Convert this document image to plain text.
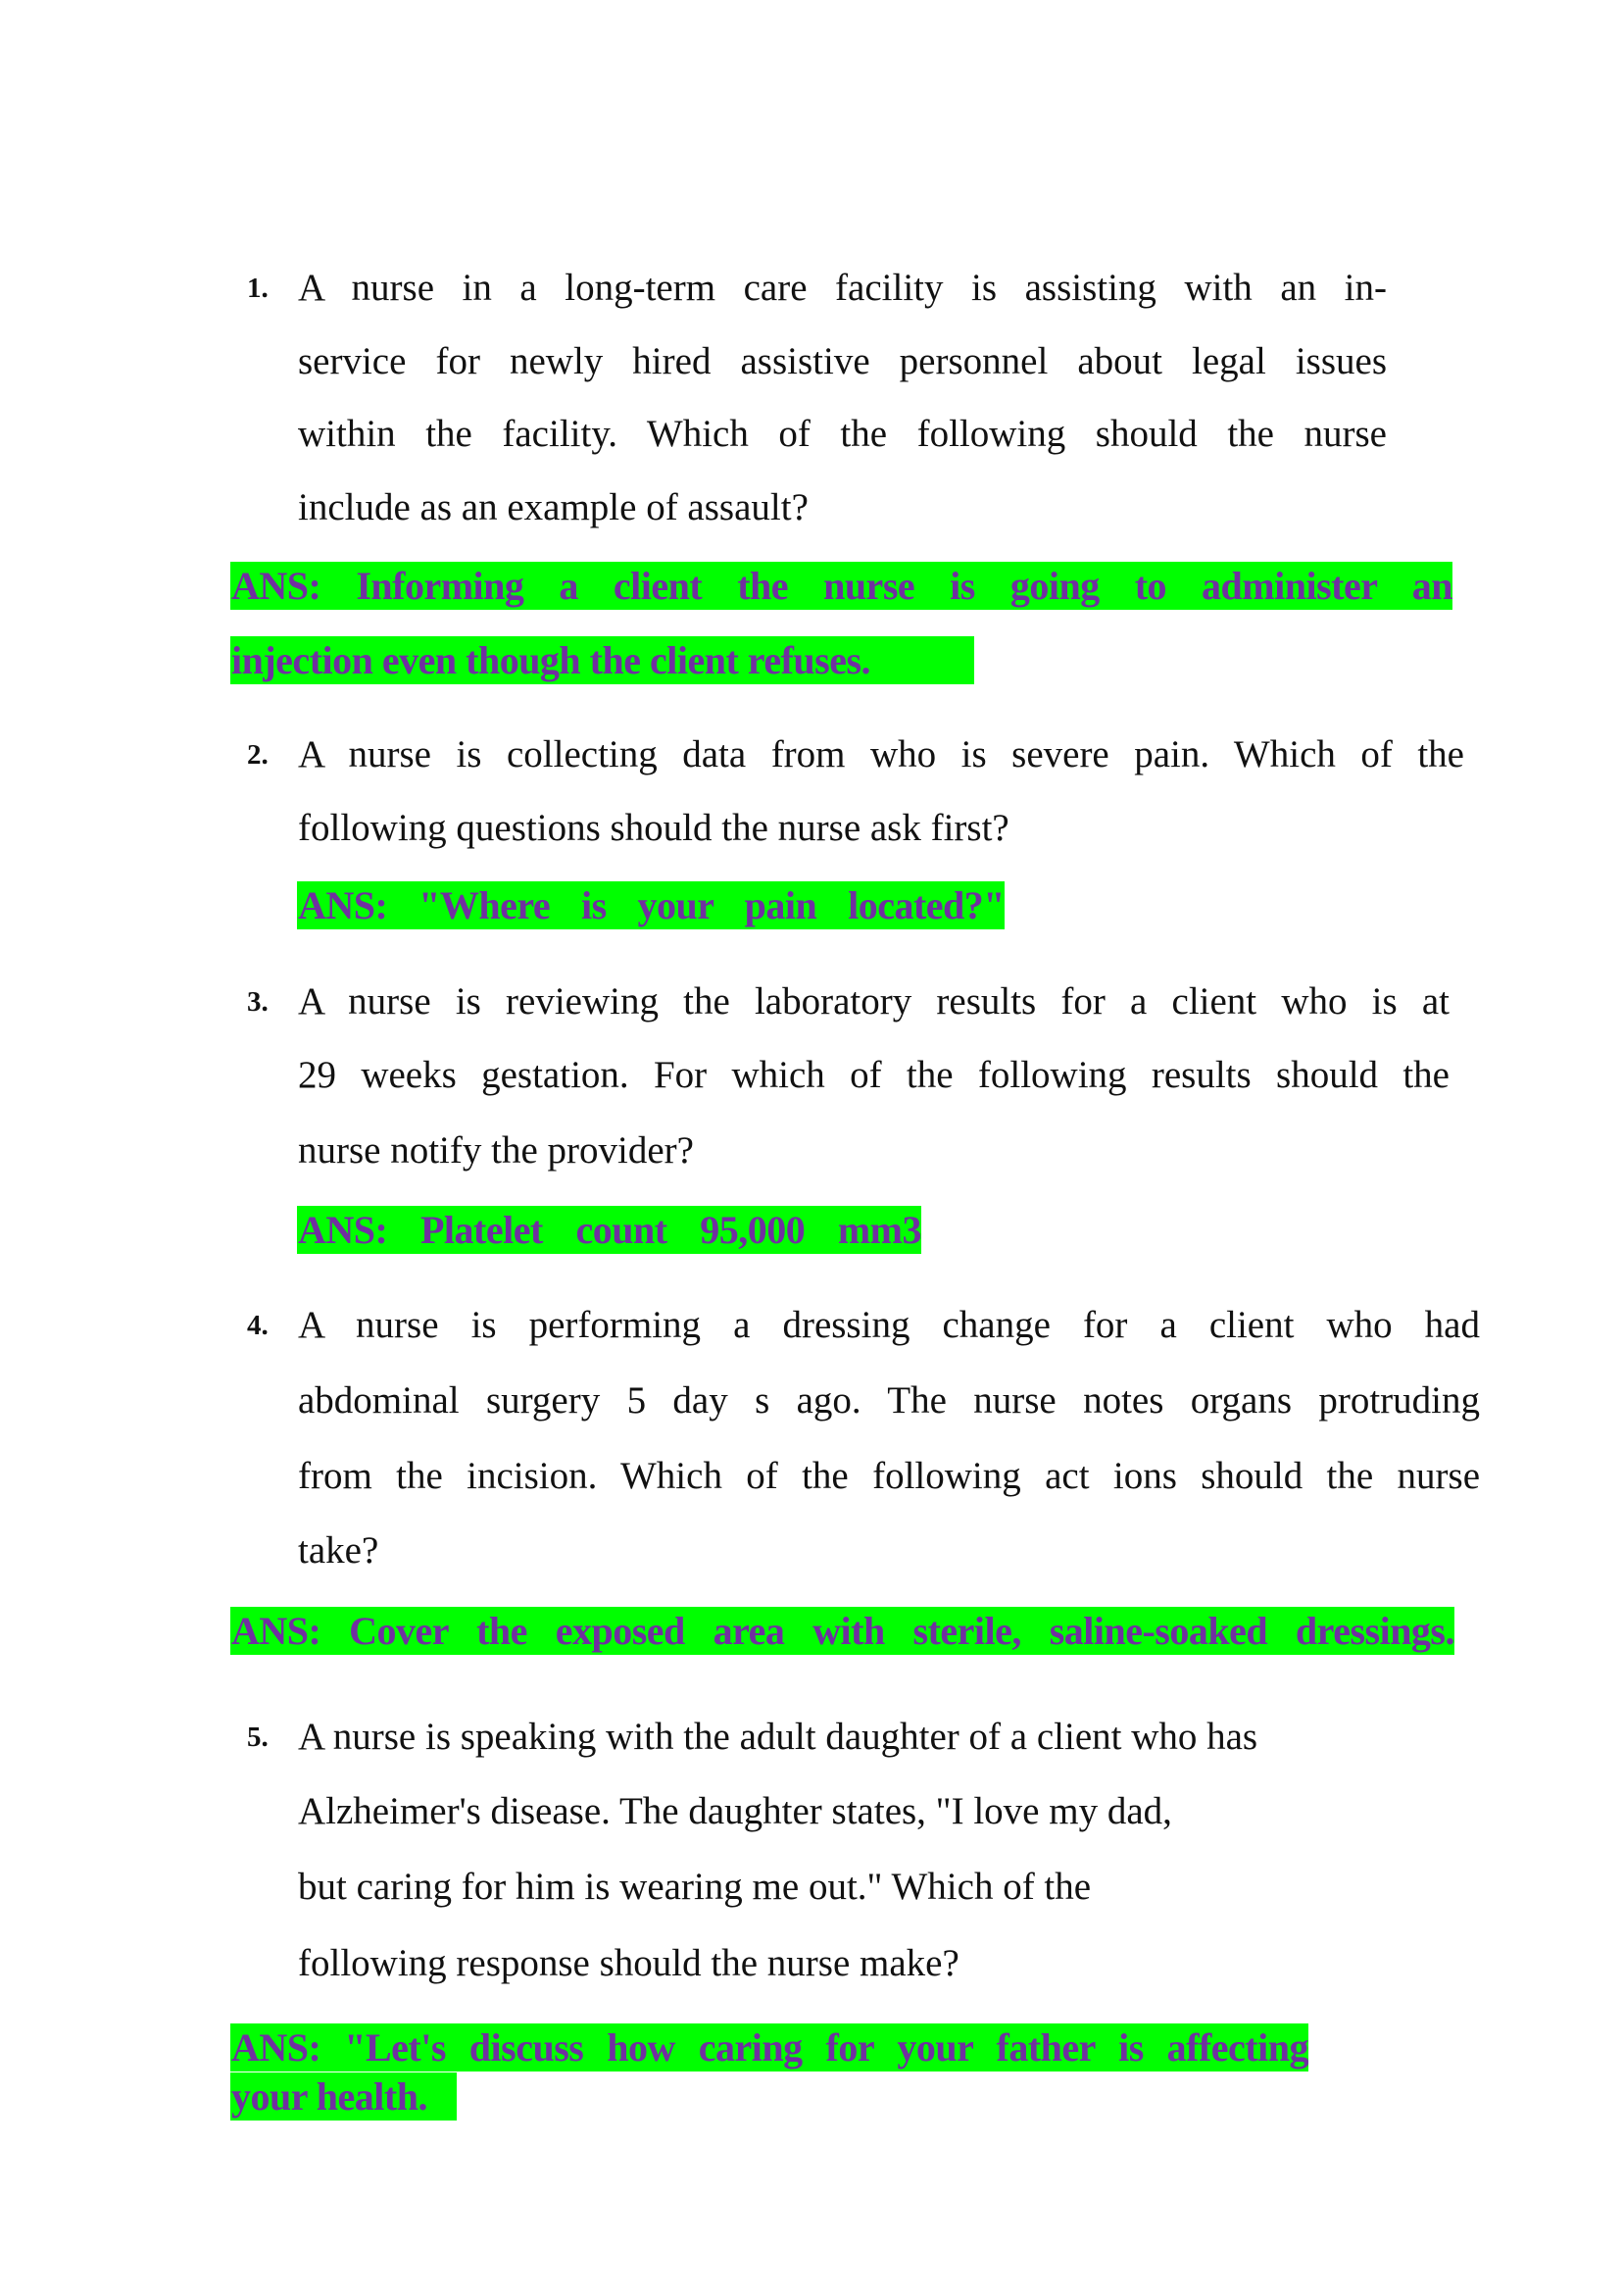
1. A nurse in a long-term care facility is assisting with an in-
service for newly hired assistive personnel about legal issues
within the facility. Which of the following should the nurse
include as an example of assault?
ANS: Informing a client the nurse is going to administer an
injection even though the client refuses.
2. A nurse is collecting data from who is severe pain. Which of the
following questions should the nurse ask first?
ANS: "Where is your pain located?"
3. A nurse is reviewing the laboratory results for a client who is at
29 weeks gestation. For which of the following results should the
nurse notify the provider?
ANS: Platelet count 95,000 mm3
4. A nurse is performing a dressing change for a client who had
abdominal surgery 5 day s ago. The nurse notes organs protruding
from the incision. Which of the following act ions should the nurse
take?
ANS: Cover the exposed area with sterile, saline-soaked dressings.
5. A nurse is speaking with the adult daughter of a client who has
Alzheimer's disease. The daughter states, "I love my dad,
but caring for him is wearing me out." Which of the
following response should the nurse make?
ANS: "Let's discuss how caring for your father is affecting
your health.
